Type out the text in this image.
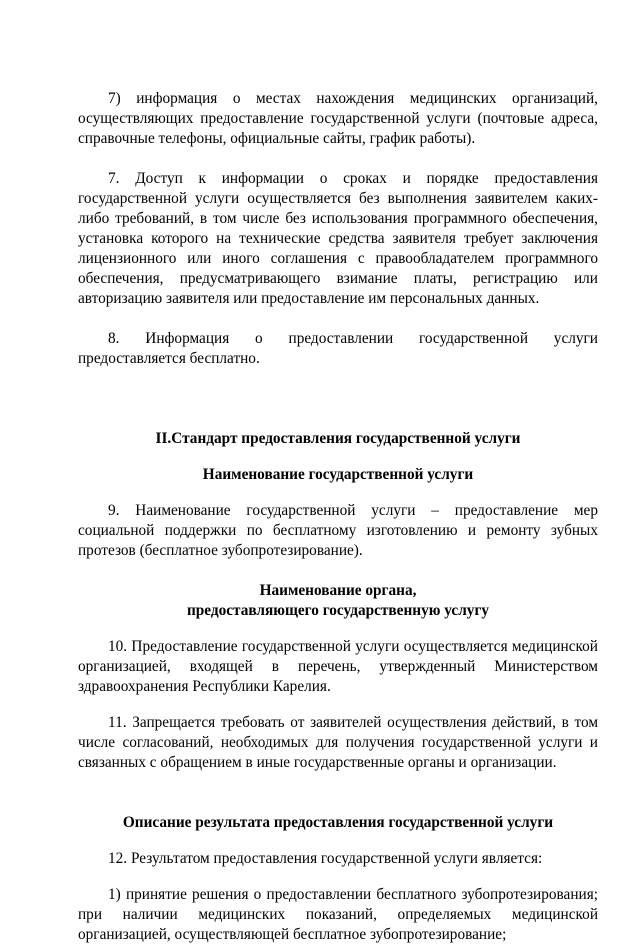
7) информация о местах нахождения медицинских организаций, осуществляющих предоставление государственной услуги (почтовые адреса, справочные телефоны, официальные сайты, график работы).

7. Доступ к информации о сроках и порядке предоставления государственной услуги осуществляется без выполнения заявителем каких-либо требований, в том числе без использования программного обеспечения, установка которого на технические средства заявителя требует заключения лицензионного или иного соглашения с правообладателем программного обеспечения, предусматривающего взимание платы, регистрацию или авторизацию заявителя или предоставление им персональных данных.

8. Информация о предоставлении государственной услуги предоставляется бесплатно.

II.Стандарт предоставления государственной услуги

Наименование государственной услуги

9. Наименование государственной услуги – предоставление мер социальной поддержки по бесплатному изготовлению и ремонту зубных протезов (бесплатное зубопротезирование).

Наименование органа,

предоставляющего государственную услугу

10. Предоставление государственной услуги осуществляется медицинской организацией, входящей в перечень, утвержденный Министерством здравоохранения Республики Карелия.

11. Запрещается требовать от заявителей осуществления действий, в том числе согласований, необходимых для получения государственной услуги и связанных с обращением в иные государственные органы и организации.

Описание результата предоставления государственной услуги

12. Результатом предоставления государственной услуги является:

1) принятие решения о предоставлении бесплатного зубопротезирования; при наличии медицинских показаний, определяемых медицинской организацией, осуществляющей бесплатное зубопротезирование;
